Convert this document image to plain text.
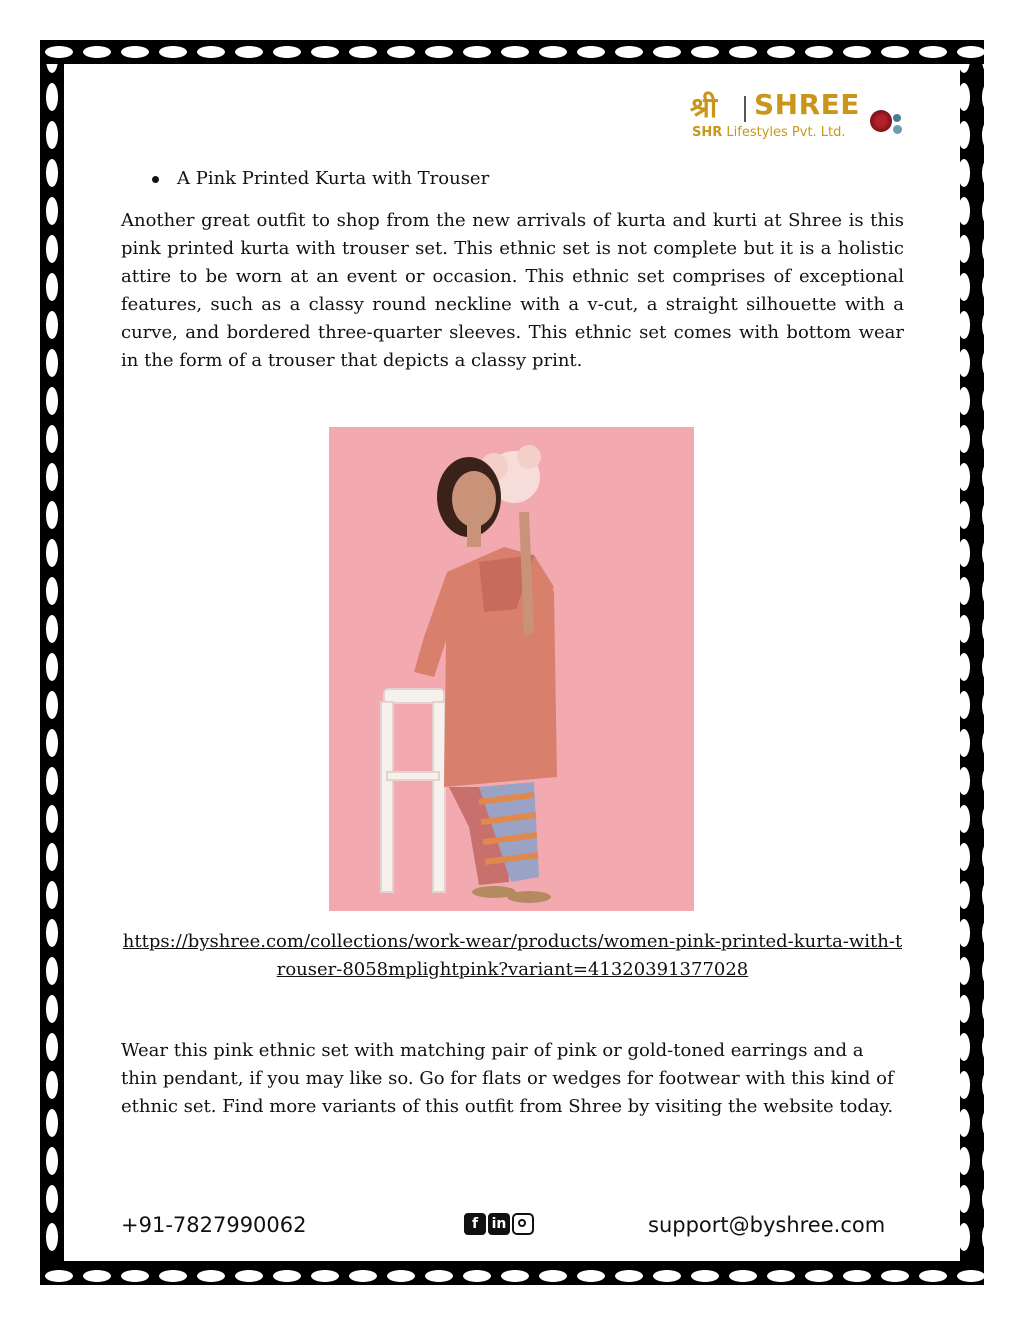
श्री SHREE
SHR Lifestyles Pvt. Ltd.
A Pink Printed Kurta with Trouser

Another great outfit to shop from the new arrivals of kurta and kurti at Shree is this pink printed kurta with trouser set. This ethnic set is not complete but it is a holistic attire to be worn at an event or occasion. This ethnic set comprises of exceptional features, such as a classy round neckline with a v-cut, a straight silhouette with a curve, and bordered three-quarter sleeves. This ethnic set comes with bottom wear in the form of a trouser that depicts a classy print.

https://byshree.com/collections/work-wear/products/women-pink-printed-kurta-with-trouser-8058mplightpink?variant=41320391377028

Wear this pink ethnic set with matching pair of pink or gold-toned earrings and a thin pendant, if you may like so. Go for flats or wedges for footwear with this kind of ethnic set. Find more variants of this outfit from Shree by visiting the website today.

+91-7827990062	f in	support@byshree.com
